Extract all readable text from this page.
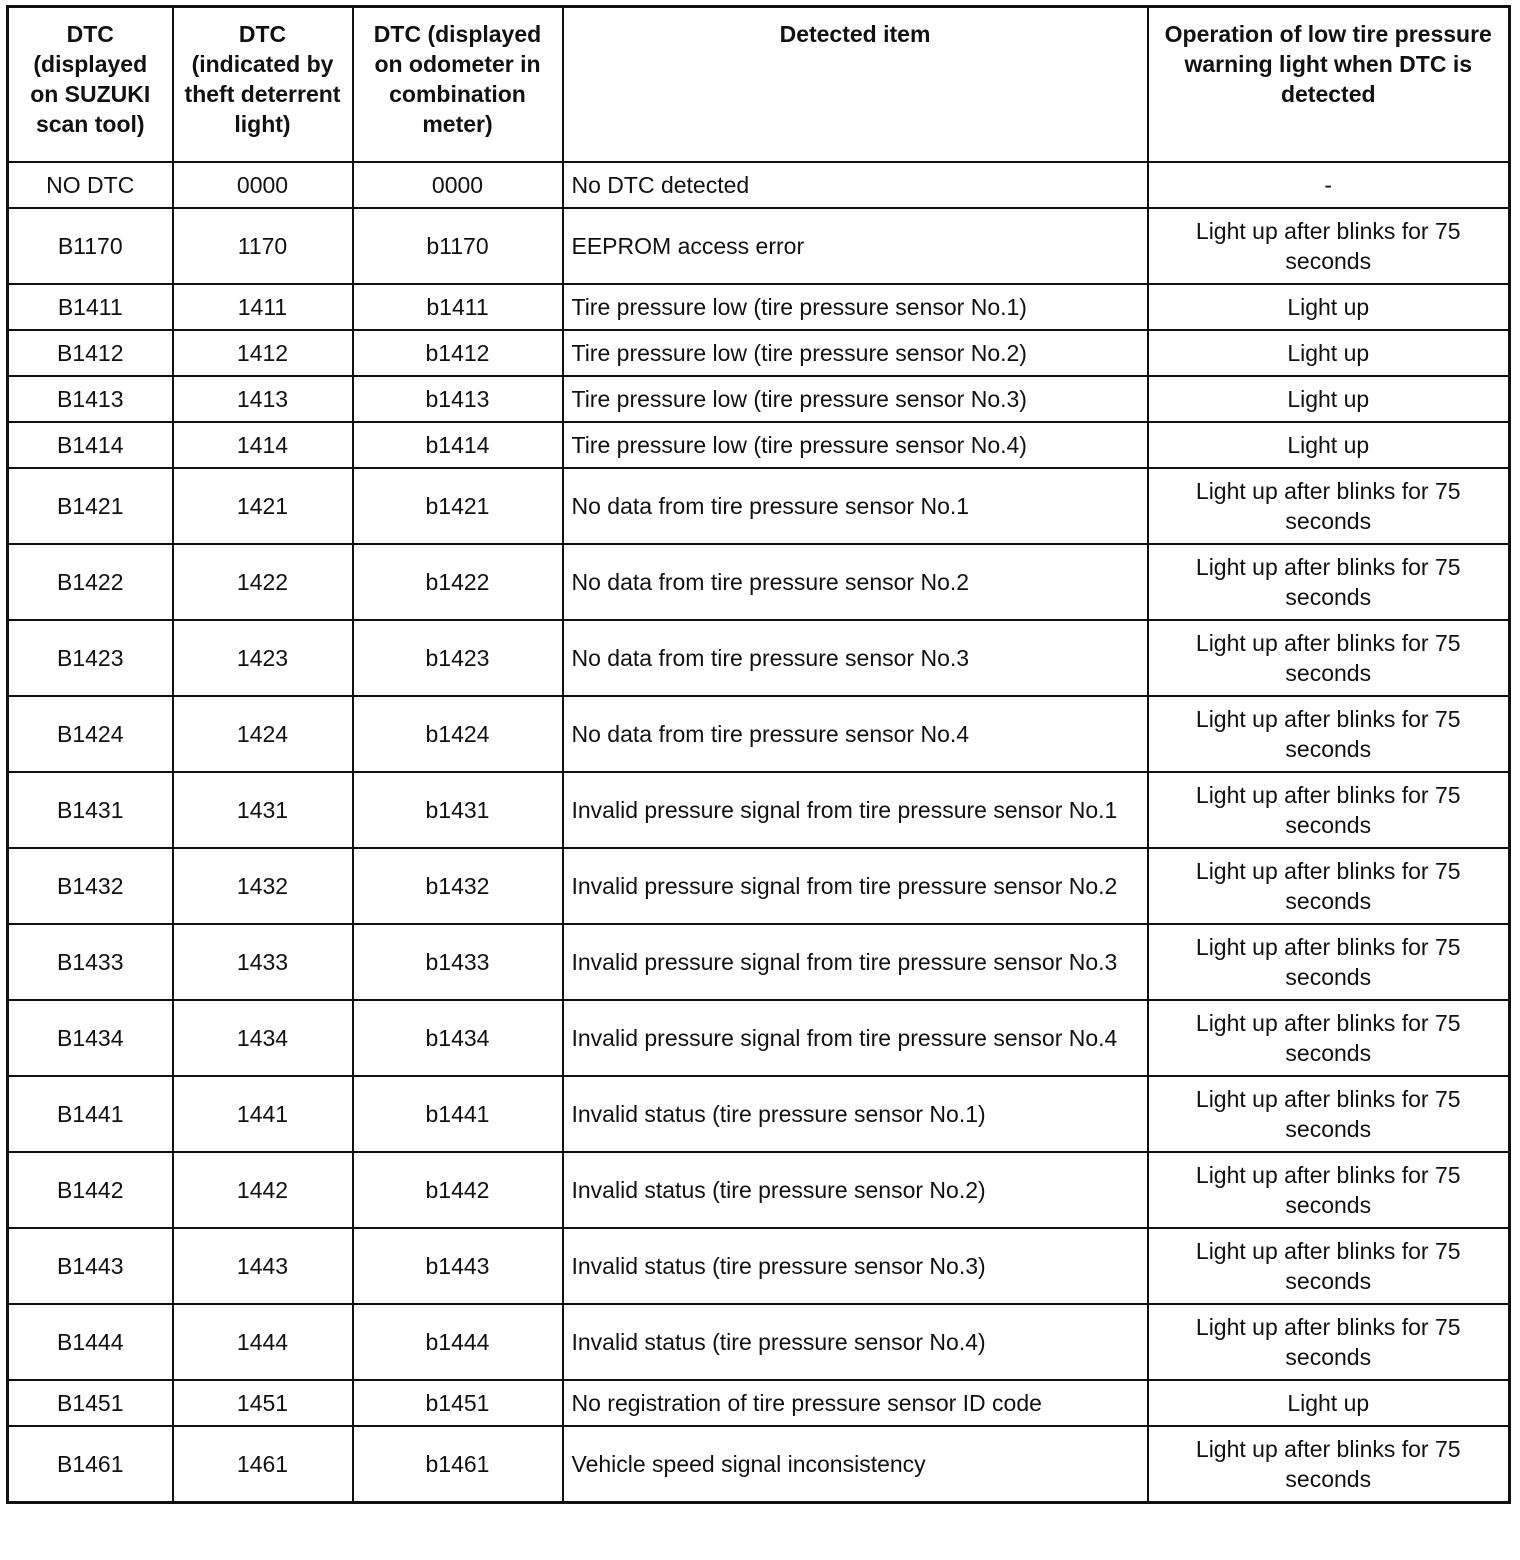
DTC (displayed on SUZUKI scan tool)	DTC (indicated by theft deterrent light)	DTC (displayed on odometer in combination meter)	Detected item	Operation of low tire pressure warning light when DTC is detected
NO DTC	0000	0000	No DTC detected	-
B1170	1170	b1170	EEPROM access error	Light up after blinks for 75 seconds
B1411	1411	b1411	Tire pressure low (tire pressure sensor No.1)	Light up
B1412	1412	b1412	Tire pressure low (tire pressure sensor No.2)	Light up
B1413	1413	b1413	Tire pressure low (tire pressure sensor No.3)	Light up
B1414	1414	b1414	Tire pressure low (tire pressure sensor No.4)	Light up
B1421	1421	b1421	No data from tire pressure sensor No.1	Light up after blinks for 75 seconds
B1422	1422	b1422	No data from tire pressure sensor No.2	Light up after blinks for 75 seconds
B1423	1423	b1423	No data from tire pressure sensor No.3	Light up after blinks for 75 seconds
B1424	1424	b1424	No data from tire pressure sensor No.4	Light up after blinks for 75 seconds
B1431	1431	b1431	Invalid pressure signal from tire pressure sensor No.1	Light up after blinks for 75 seconds
B1432	1432	b1432	Invalid pressure signal from tire pressure sensor No.2	Light up after blinks for 75 seconds
B1433	1433	b1433	Invalid pressure signal from tire pressure sensor No.3	Light up after blinks for 75 seconds
B1434	1434	b1434	Invalid pressure signal from tire pressure sensor No.4	Light up after blinks for 75 seconds
B1441	1441	b1441	Invalid status (tire pressure sensor No.1)	Light up after blinks for 75 seconds
B1442	1442	b1442	Invalid status (tire pressure sensor No.2)	Light up after blinks for 75 seconds
B1443	1443	b1443	Invalid status (tire pressure sensor No.3)	Light up after blinks for 75 seconds
B1444	1444	b1444	Invalid status (tire pressure sensor No.4)	Light up after blinks for 75 seconds
B1451	1451	b1451	No registration of tire pressure sensor ID code	Light up
B1461	1461	b1461	Vehicle speed signal inconsistency	Light up after blinks for 75 seconds
